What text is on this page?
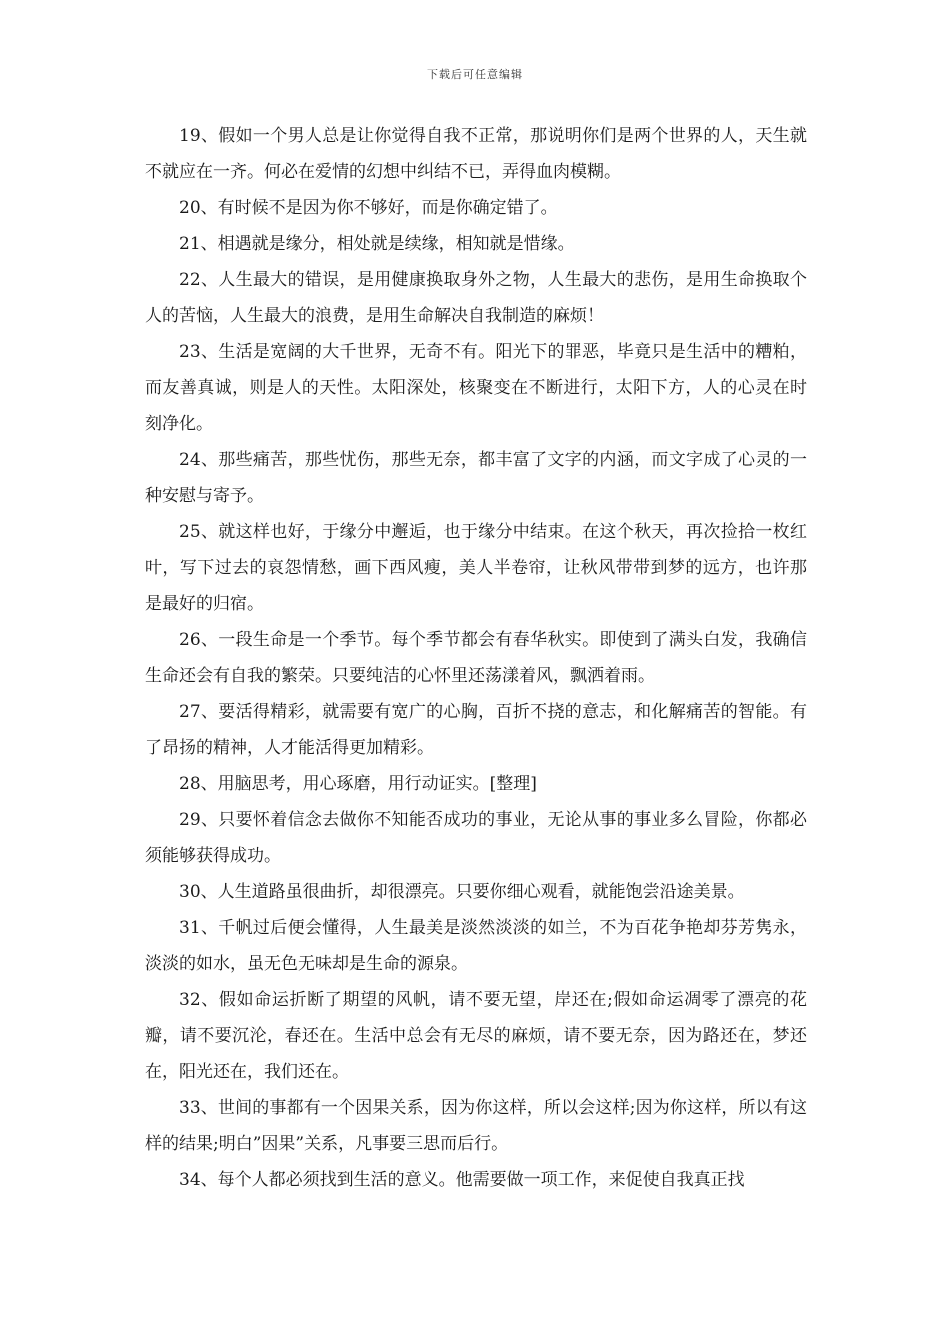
下载后可任意编辑

19、假如一个男人总是让你觉得自我不正常，那说明你们是两个世界的人，天生就不就应在一齐。何必在爱情的幻想中纠结不已，弄得血肉模糊。

20、有时候不是因为你不够好，而是你确定错了。

21、相遇就是缘分，相处就是续缘，相知就是惜缘。

22、人生最大的错误，是用健康换取身外之物，人生最大的悲伤，是用生命换取个人的苦恼，人生最大的浪费，是用生命解决自我制造的麻烦！

23、生活是宽阔的大千世界，无奇不有。阳光下的罪恶，毕竟只是生活中的糟粕，而友善真诚，则是人的天性。太阳深处，核聚变在不断进行，太阳下方，人的心灵在时刻净化。

24、那些痛苦，那些忧伤，那些无奈，都丰富了文字的内涵，而文字成了心灵的一种安慰与寄予。

25、就这样也好，于缘分中邂逅，也于缘分中结束。在这个秋天，再次捡拾一枚红叶，写下过去的哀怨情愁，画下西风瘦，美人半卷帘，让秋风带带到梦的远方，也许那是最好的归宿。

26、一段生命是一个季节。每个季节都会有春华秋实。即使到了满头白发，我确信生命还会有自我的繁荣。只要纯洁的心怀里还荡漾着风，飘洒着雨。

27、要活得精彩，就需要有宽广的心胸，百折不挠的意志，和化解痛苦的智能。有了昂扬的精神，人才能活得更加精彩。

28、用脑思考，用心琢磨，用行动证实。[整理]

29、只要怀着信念去做你不知能否成功的事业，无论从事的事业多么冒险，你都必须能够获得成功。

30、人生道路虽很曲折，却很漂亮。只要你细心观看，就能饱尝沿途美景。

31、千帆过后便会懂得，人生最美是淡然淡淡的如兰，不为百花争艳却芬芳隽永，淡淡的如水，虽无色无味却是生命的源泉。

32、假如命运折断了期望的风帆，请不要无望，岸还在;假如命运凋零了漂亮的花瓣，请不要沉沦，春还在。生活中总会有无尽的麻烦，请不要无奈，因为路还在，梦还在，阳光还在，我们还在。

33、世间的事都有一个因果关系，因为你这样，所以会这样;因为你这样，所以有这样的结果;明白”因果”关系，凡事要三思而后行。

34、每个人都必须找到生活的意义。他需要做一项工作，来促使自我真正找
